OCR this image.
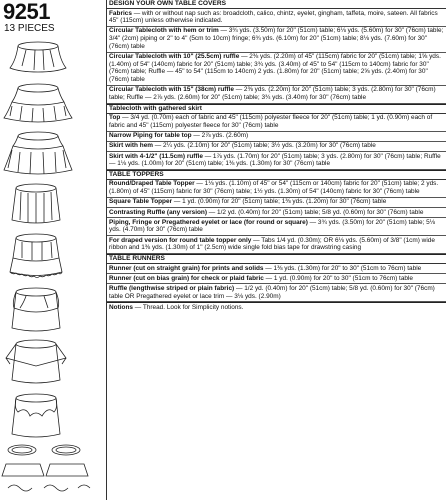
9251
13 PIECES
DESIGN YOUR OWN TABLE COVERS
Fabrics — with or without nap such as: broadcloth, calico, chintz, eyelet, gingham, taffeta, moire, sateen. All fabrics 45" (115cm) unless otherwise indicated.
Circular Tablecloth with hem or trim — 3¾ yds. (3.50m) for 20" (51cm) table; 6⅛ yds. (5.60m) for 30" (76cm) table; 3/4" (2cm) piping or 2" to 4" (5cm to 10cm) fringe; 6¾ yds. (6.10m) for 20" (51cm) table; 8⅛ yds. (7.60m) for 30" (76cm) table
Circular Tablecloth with 10" (25.5cm) ruffle — 2⅜ yds. (2.20m) of 45" (115cm) fabric for 20" (51cm) table; 1⅝ yds. (1.40m) of 54" (140cm) fabric for 20" (51cm) table; 3¾ yds. (3.40m) of 45" to 54" (115cm to 140cm) fabric for 30" (76cm) table; Ruffle — 45" to 54" (115cm to 140cm) 2 yds. (1.80m) for 20" (51cm) table; 2⅝ yds. (2.40m) for 30" (76cm) table
Circular Tablecloth with 15" (38cm) ruffle — 2⅜ yds. (2.20m) for 20" (51cm) table; 3 yds. (2.80m) for 30" (76cm) table; Ruffle — 2⅞ yds. (2.60m) for 20" (51cm) table; 3¾ yds. (3.40m) for 30" (76cm) table
Tablecloth with gathered skirt
Top — 3/4 yd. (0.70m) each of fabric and 45" (115cm) polyester fleece for 20" (51cm) table; 1 yd. (0.90m) each of fabric and 45" (115cm) polyester fleece for 30" (76cm) table
Narrow Piping for table top — 2⅞ yds. (2.60m)
Skirt with hem — 2¼ yds. (2.10m) for 20" (51cm) table; 3½ yds. (3.20m) for 30" (76cm) table
Skirt with 4-1/2" (11.5cm) ruffle — 1⅞ yds. (1.70m) for 20" (51cm) table; 3 yds. (2.80m) for 30" (76cm) table; Ruffle — 1⅛ yds. (1.00m) for 20" (51cm) table; 1⅜ yds. (1.30m) for 30" (76cm) table
TABLE TOPPERS
Round/Draped Table Topper — 1⅛ yds. (1.10m) of 45" or 54" (115cm or 140cm) fabric for 20" (51cm) table; 2 yds. (1.80m) of 45" (115cm) fabric for 30" (76cm) table; 1½ yds. (1.30m) of 54" (140cm) fabric for 30" (76cm) table
Square Table Topper — 1 yd. (0.90m) for 20" (51cm) table; 1⅜ yds. (1.20m) for 30" (76cm) table
Contrasting Ruffle (any version) — 1/2 yd. (0.40m) for 20" (51cm) table; 5/8 yd. (0.60m) for 30" (76cm) table
Piping, Fringe or Pregathered eyelet or lace (for round or square) — 3¾ yds. (3.50m) for 20" (51cm) table; 5⅛ yds. (4.70m) for 30" (76cm) table
For draped version for round table topper only — Tabs 1/4 yd. (0.30m); OR 6⅛ yds. (5.60m) of 3/8" (1cm) wide ribbon and 1⅜ yds. (1.30m) of 1" (2.5cm) wide single fold bias tape for drawstring casing
TABLE RUNNERS
Runner (cut on straight grain) for prints and solids — 1⅜ yds. (1.30m) for 20" to 30" (51cm to 76cm) table
Runner (cut on bias grain) for check or plaid fabric — 1 yd. (0.90m) for 20" to 30" (51cm to 76cm) table
Ruffle (lengthwise striped or plain fabric) — 1/2 yd. (0.40m) for 20" (51cm) table; 5/8 yd. (0.60m) for 30" (76cm) table OR Pregathered eyelet or lace trim — 3⅛ yds. (2.90m)
Notions — Thread. Look for Simplicity notions.
